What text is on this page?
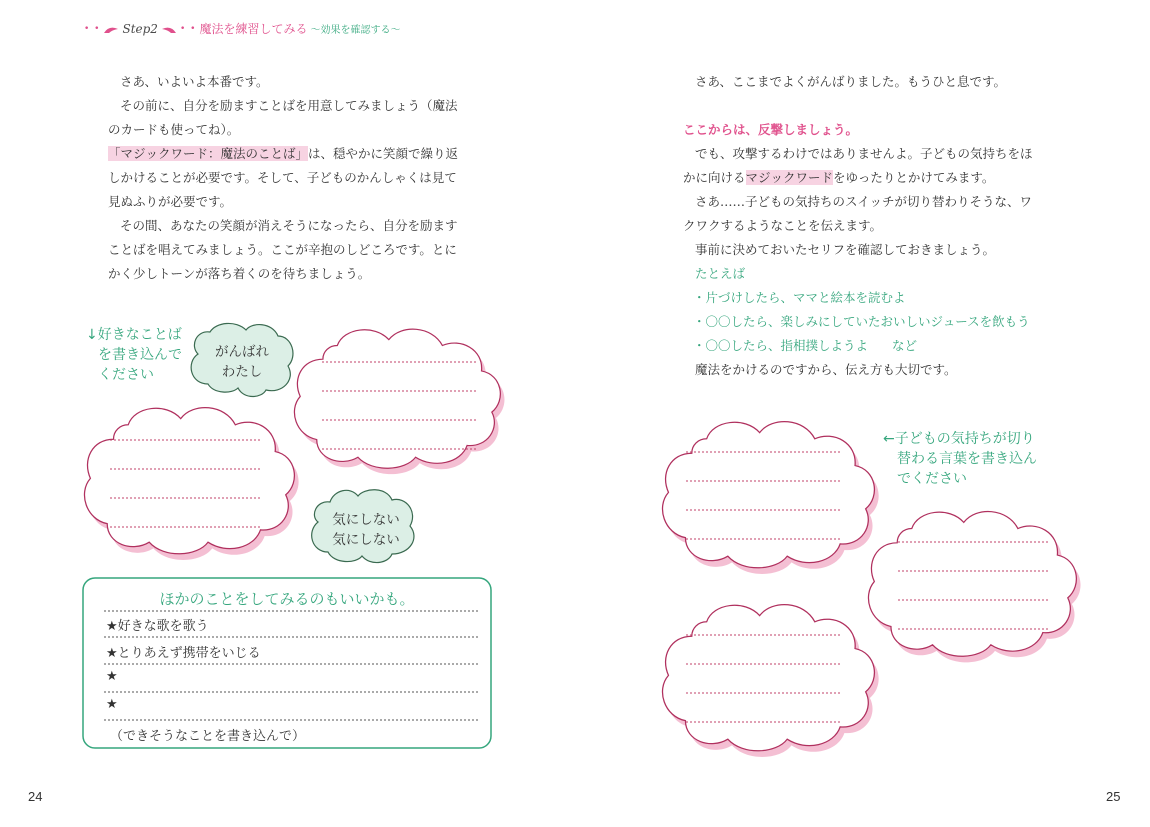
• • Step2 • • 魔法を練習してみる 〜効果を確認する〜

さあ、いよいよ本番です。

その前に、自分を励ますことばを用意してみましょう（魔法

のカードも使ってね）。

「マジックワード：魔法のことば」は、穏やかに笑顔で繰り返

しかけることが必要です。そして、子どものかんしゃくは見て

見ぬふりが必要です。

その間、あなたの笑顔が消えそうになったら、自分を励ます

ことばを唱えてみましょう。ここが辛抱のしどころです。とに

かく少しトーンが落ち着くのを待ちましょう。

↓好きなことば
を書き込んで
ください
がんばれ
わたし
気にしない
気にしない
ほかのことをしてみるのもいいかも。
★好きな歌を歌う
★とりあえず携帯をいじる
★
★
（できそうなことを書き込んで）
24

さあ、ここまでよくがんばりました。もうひと息です。

ここからは、反撃しましょう。

でも、攻撃するわけではありませんよ。子どもの気持ちをほ

かに向けるマジックワードをゆったりとかけてみます。

さあ……子どもの気持ちのスイッチが切り替わりそうな、ワ

クワクするようなことを伝えます。

事前に決めておいたセリフを確認しておきましょう。

たとえば

・片づけしたら、ママと絵本を読むよ

・〇〇したら、楽しみにしていたおいしいジュースを飲もう

・〇〇したら、指相撲しようよ など

魔法をかけるのですから、伝え方も大切です。

←子どもの気持ちが切り
替わる言葉を書き込ん
でください
25
